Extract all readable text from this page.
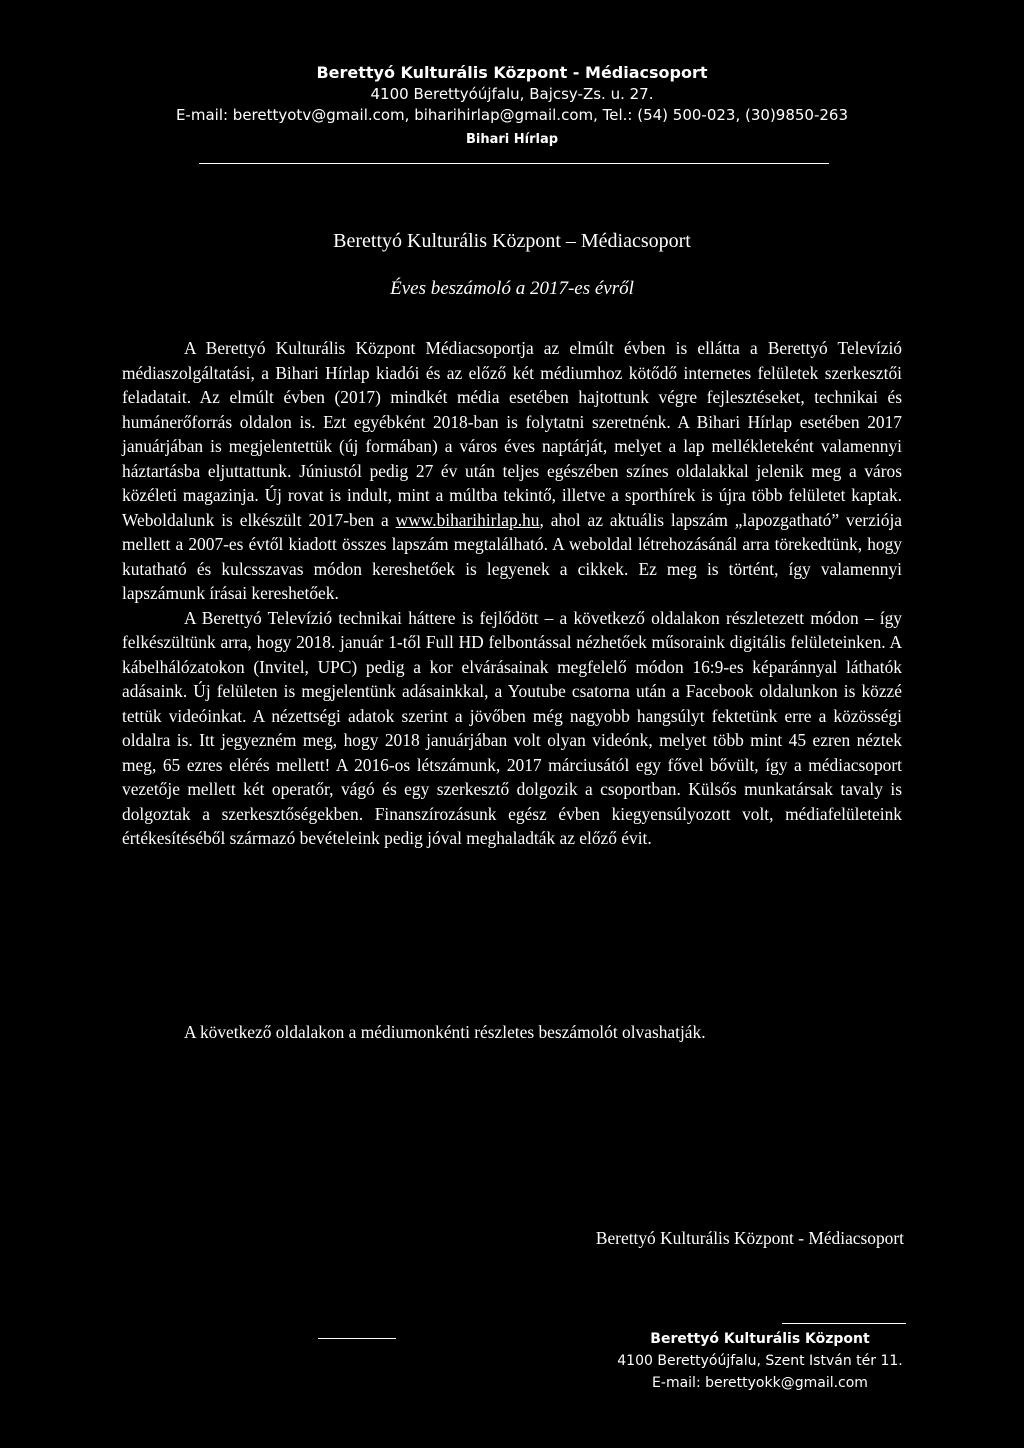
Berettyó Kulturális Központ - Médiacsoport
4100 Berettyóújfalu, Bajcsy-Zs. u. 27.
E-mail: berettyotv@gmail.com, biharihirlap@gmail.com, Tel.: (54) 500-023, (30)9850-263
Bihari Hírlap
Berettyó Kulturális Központ – Médiacsoport
Éves beszámoló a 2017-es évről

A Berettyó Kulturális Központ Médiacsoportja az elmúlt évben is ellátta a Berettyó Televízió médiaszolgáltatási, a Bihari Hírlap kiadói és az előző két médiumhoz kötődő internetes felületek szerkesztői feladatait. Az elmúlt évben (2017) mindkét média esetében hajtottunk végre fejlesztéseket, technikai és humánerőforrás oldalon is. Ezt egyébként 2018-ban is folytatni szeretnénk. A Bihari Hírlap esetében 2017 januárjában is megjelentettük (új formában) a város éves naptárját, melyet a lap mellékleteként valamennyi háztartásba eljuttattunk. Júniustól pedig 27 év után teljes egészében színes oldalakkal jelenik meg a város közéleti magazinja. Új rovat is indult, mint a múltba tekintő, illetve a sporthírek is újra több felületet kaptak. Weboldalunk is elkészült 2017-ben a www.biharihirlap.hu, ahol az aktuális lapszám „lapozgatható” verziója mellett a 2007-es évtől kiadott összes lapszám megtalálható. A weboldal létrehozásánál arra törekedtünk, hogy kutatható és kulcsszavas módon kereshetőek is legyenek a cikkek. Ez meg is történt, így valamennyi lapszámunk írásai kereshetőek.

A Berettyó Televízió technikai háttere is fejlődött – a következő oldalakon részletezett módon – így felkészültünk arra, hogy 2018. január 1-től Full HD felbontással nézhetőek műsoraink digitális felületeinken. A kábelhálózatokon (Invitel, UPC) pedig a kor elvárásainak megfelelő módon 16:9-es képaránnyal láthatók adásaink. Új felületen is megjelentünk adásainkkal, a Youtube csatorna után a Facebook oldalunkon is közzé tettük videóinkat. A nézettségi adatok szerint a jövőben még nagyobb hangsúlyt fektetünk erre a közösségi oldalra is. Itt jegyezném meg, hogy 2018 januárjában volt olyan videónk, melyet több mint 45 ezren néztek meg, 65 ezres elérés mellett! A 2016-os létszámunk, 2017 márciusától egy fővel bővült, így a médiacsoport vezetője mellett két operatőr, vágó és egy szerkesztő dolgozik a csoportban. Külsős munkatársak tavaly is dolgoztak a szerkesztőségekben. Finanszírozásunk egész évben kiegyensúlyozott volt, médiafelületeink értékesítéséből származó bevételeink pedig jóval meghaladták az előző évit.

A következő oldalakon a médiumonkénti részletes beszámolót olvashatják.
Berettyó Kulturális Központ - Médiacsoport
Berettyó Kulturális Központ
4100 Berettyóújfalu, Szent István tér 11.
E-mail: berettyokk@gmail.com
